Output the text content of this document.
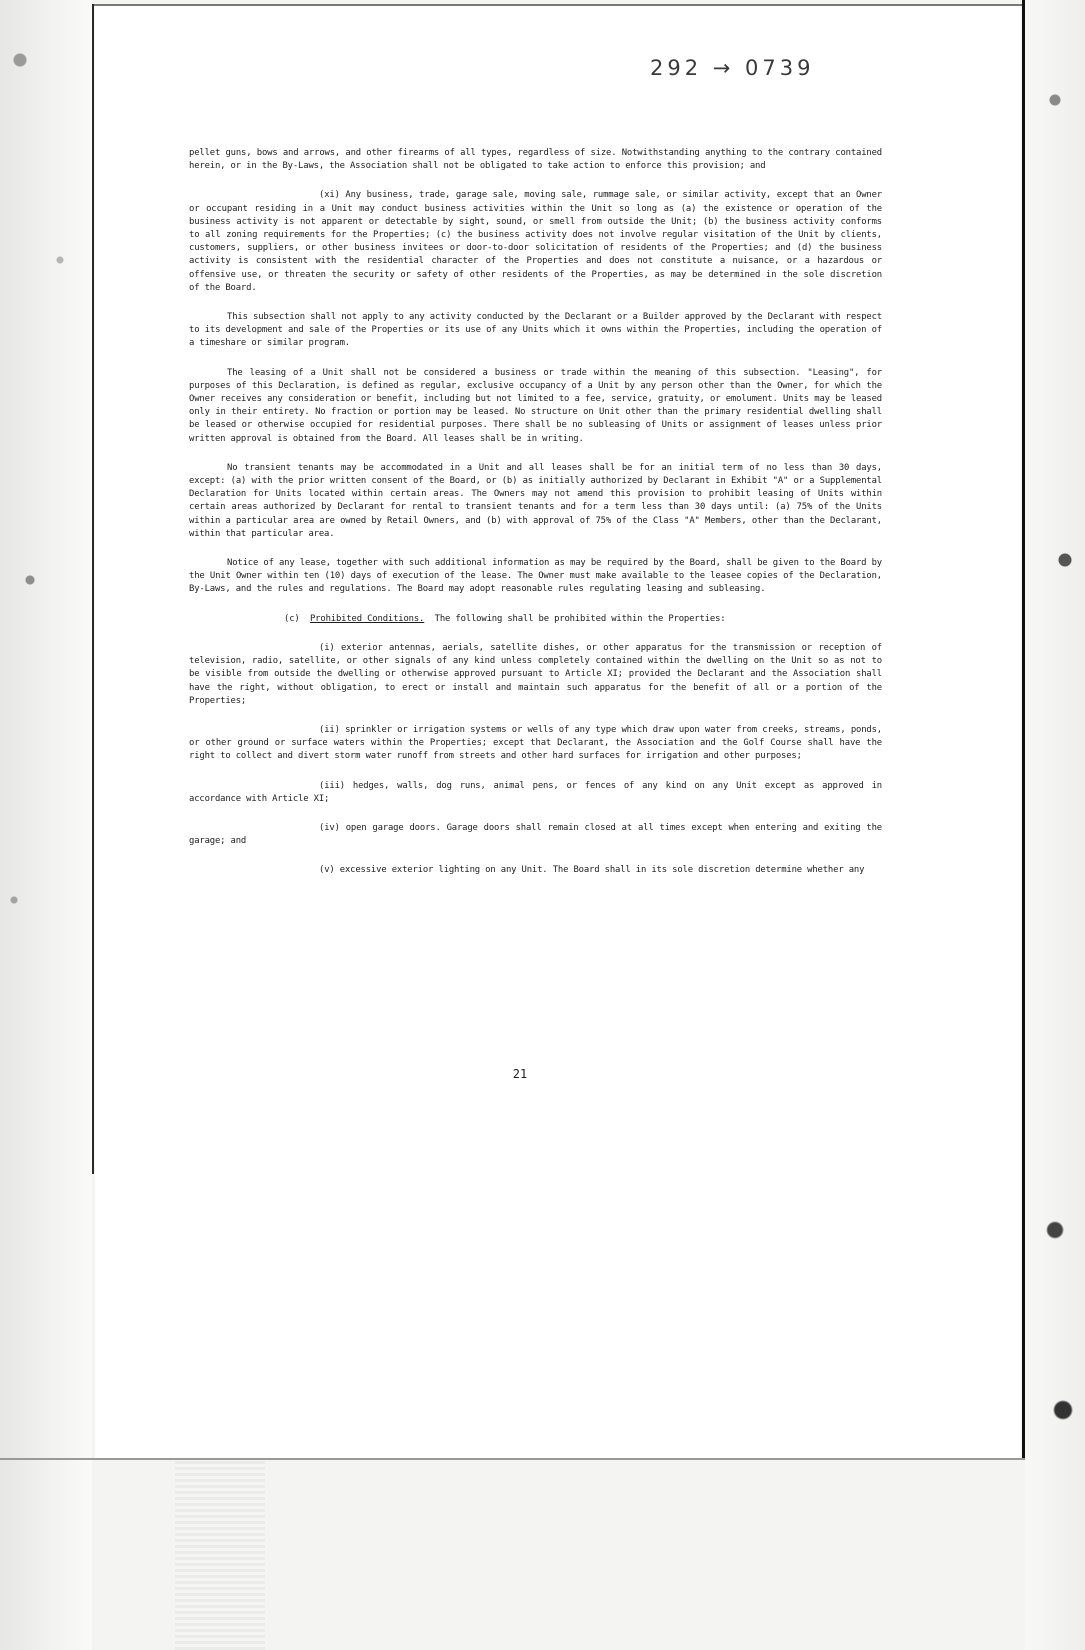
292 → 0739

pellet guns, bows and arrows, and other firearms of all types, regardless of size. Notwithstanding anything to the contrary contained herein, or in the By-Laws, the Association shall not be obligated to take action to enforce this provision; and

(xi) Any business, trade, garage sale, moving sale, rummage sale, or similar activity, except that an Owner or occupant residing in a Unit may conduct business activities within the Unit so long as (a) the existence or operation of the business activity is not apparent or detectable by sight, sound, or smell from outside the Unit; (b) the business activity conforms to all zoning requirements for the Properties; (c) the business activity does not involve regular visitation of the Unit by clients, customers, suppliers, or other business invitees or door-to-door solicitation of residents of the Properties; and (d) the business activity is consistent with the residential character of the Properties and does not constitute a nuisance, or a hazardous or offensive use, or threaten the security or safety of other residents of the Properties, as may be determined in the sole discretion of the Board.

This subsection shall not apply to any activity conducted by the Declarant or a Builder approved by the Declarant with respect to its development and sale of the Properties or its use of any Units which it owns within the Properties, including the operation of a timeshare or similar program.

The leasing of a Unit shall not be considered a business or trade within the meaning of this subsection. "Leasing", for purposes of this Declaration, is defined as regular, exclusive occupancy of a Unit by any person other than the Owner, for which the Owner receives any consideration or benefit, including but not limited to a fee, service, gratuity, or emolument. Units may be leased only in their entirety. No fraction or portion may be leased. No structure on Unit other than the primary residential dwelling shall be leased or otherwise occupied for residential purposes. There shall be no subleasing of Units or assignment of leases unless prior written approval is obtained from the Board. All leases shall be in writing.

No transient tenants may be accommodated in a Unit and all leases shall be for an initial term of no less than 30 days, except: (a) with the prior written consent of the Board, or (b) as initially authorized by Declarant in Exhibit "A" or a Supplemental Declaration for Units located within certain areas. The Owners may not amend this provision to prohibit leasing of Units within certain areas authorized by Declarant for rental to transient tenants and for a term less than 30 days until: (a) 75% of the Units within a particular area are owned by Retail Owners, and (b) with approval of 75% of the Class "A" Members, other than the Declarant, within that particular area.

Notice of any lease, together with such additional information as may be required by the Board, shall be given to the Board by the Unit Owner within ten (10) days of execution of the lease. The Owner must make available to the leasee copies of the Declaration, By-Laws, and the rules and regulations. The Board may adopt reasonable rules regulating leasing and subleasing.

(c) Prohibited Conditions. The following shall be prohibited within the Properties:

(i) exterior antennas, aerials, satellite dishes, or other apparatus for the transmission or reception of television, radio, satellite, or other signals of any kind unless completely contained within the dwelling on the Unit so as not to be visible from outside the dwelling or otherwise approved pursuant to Article XI; provided the Declarant and the Association shall have the right, without obligation, to erect or install and maintain such apparatus for the benefit of all or a portion of the Properties;

(ii) sprinkler or irrigation systems or wells of any type which draw upon water from creeks, streams, ponds, or other ground or surface waters within the Properties; except that Declarant, the Association and the Golf Course shall have the right to collect and divert storm water runoff from streets and other hard surfaces for irrigation and other purposes;

(iii) hedges, walls, dog runs, animal pens, or fences of any kind on any Unit except as approved in accordance with Article XI;

(iv) open garage doors. Garage doors shall remain closed at all times except when entering and exiting the garage; and

(v) excessive exterior lighting on any Unit. The Board shall in its sole discretion determine whether any

21
